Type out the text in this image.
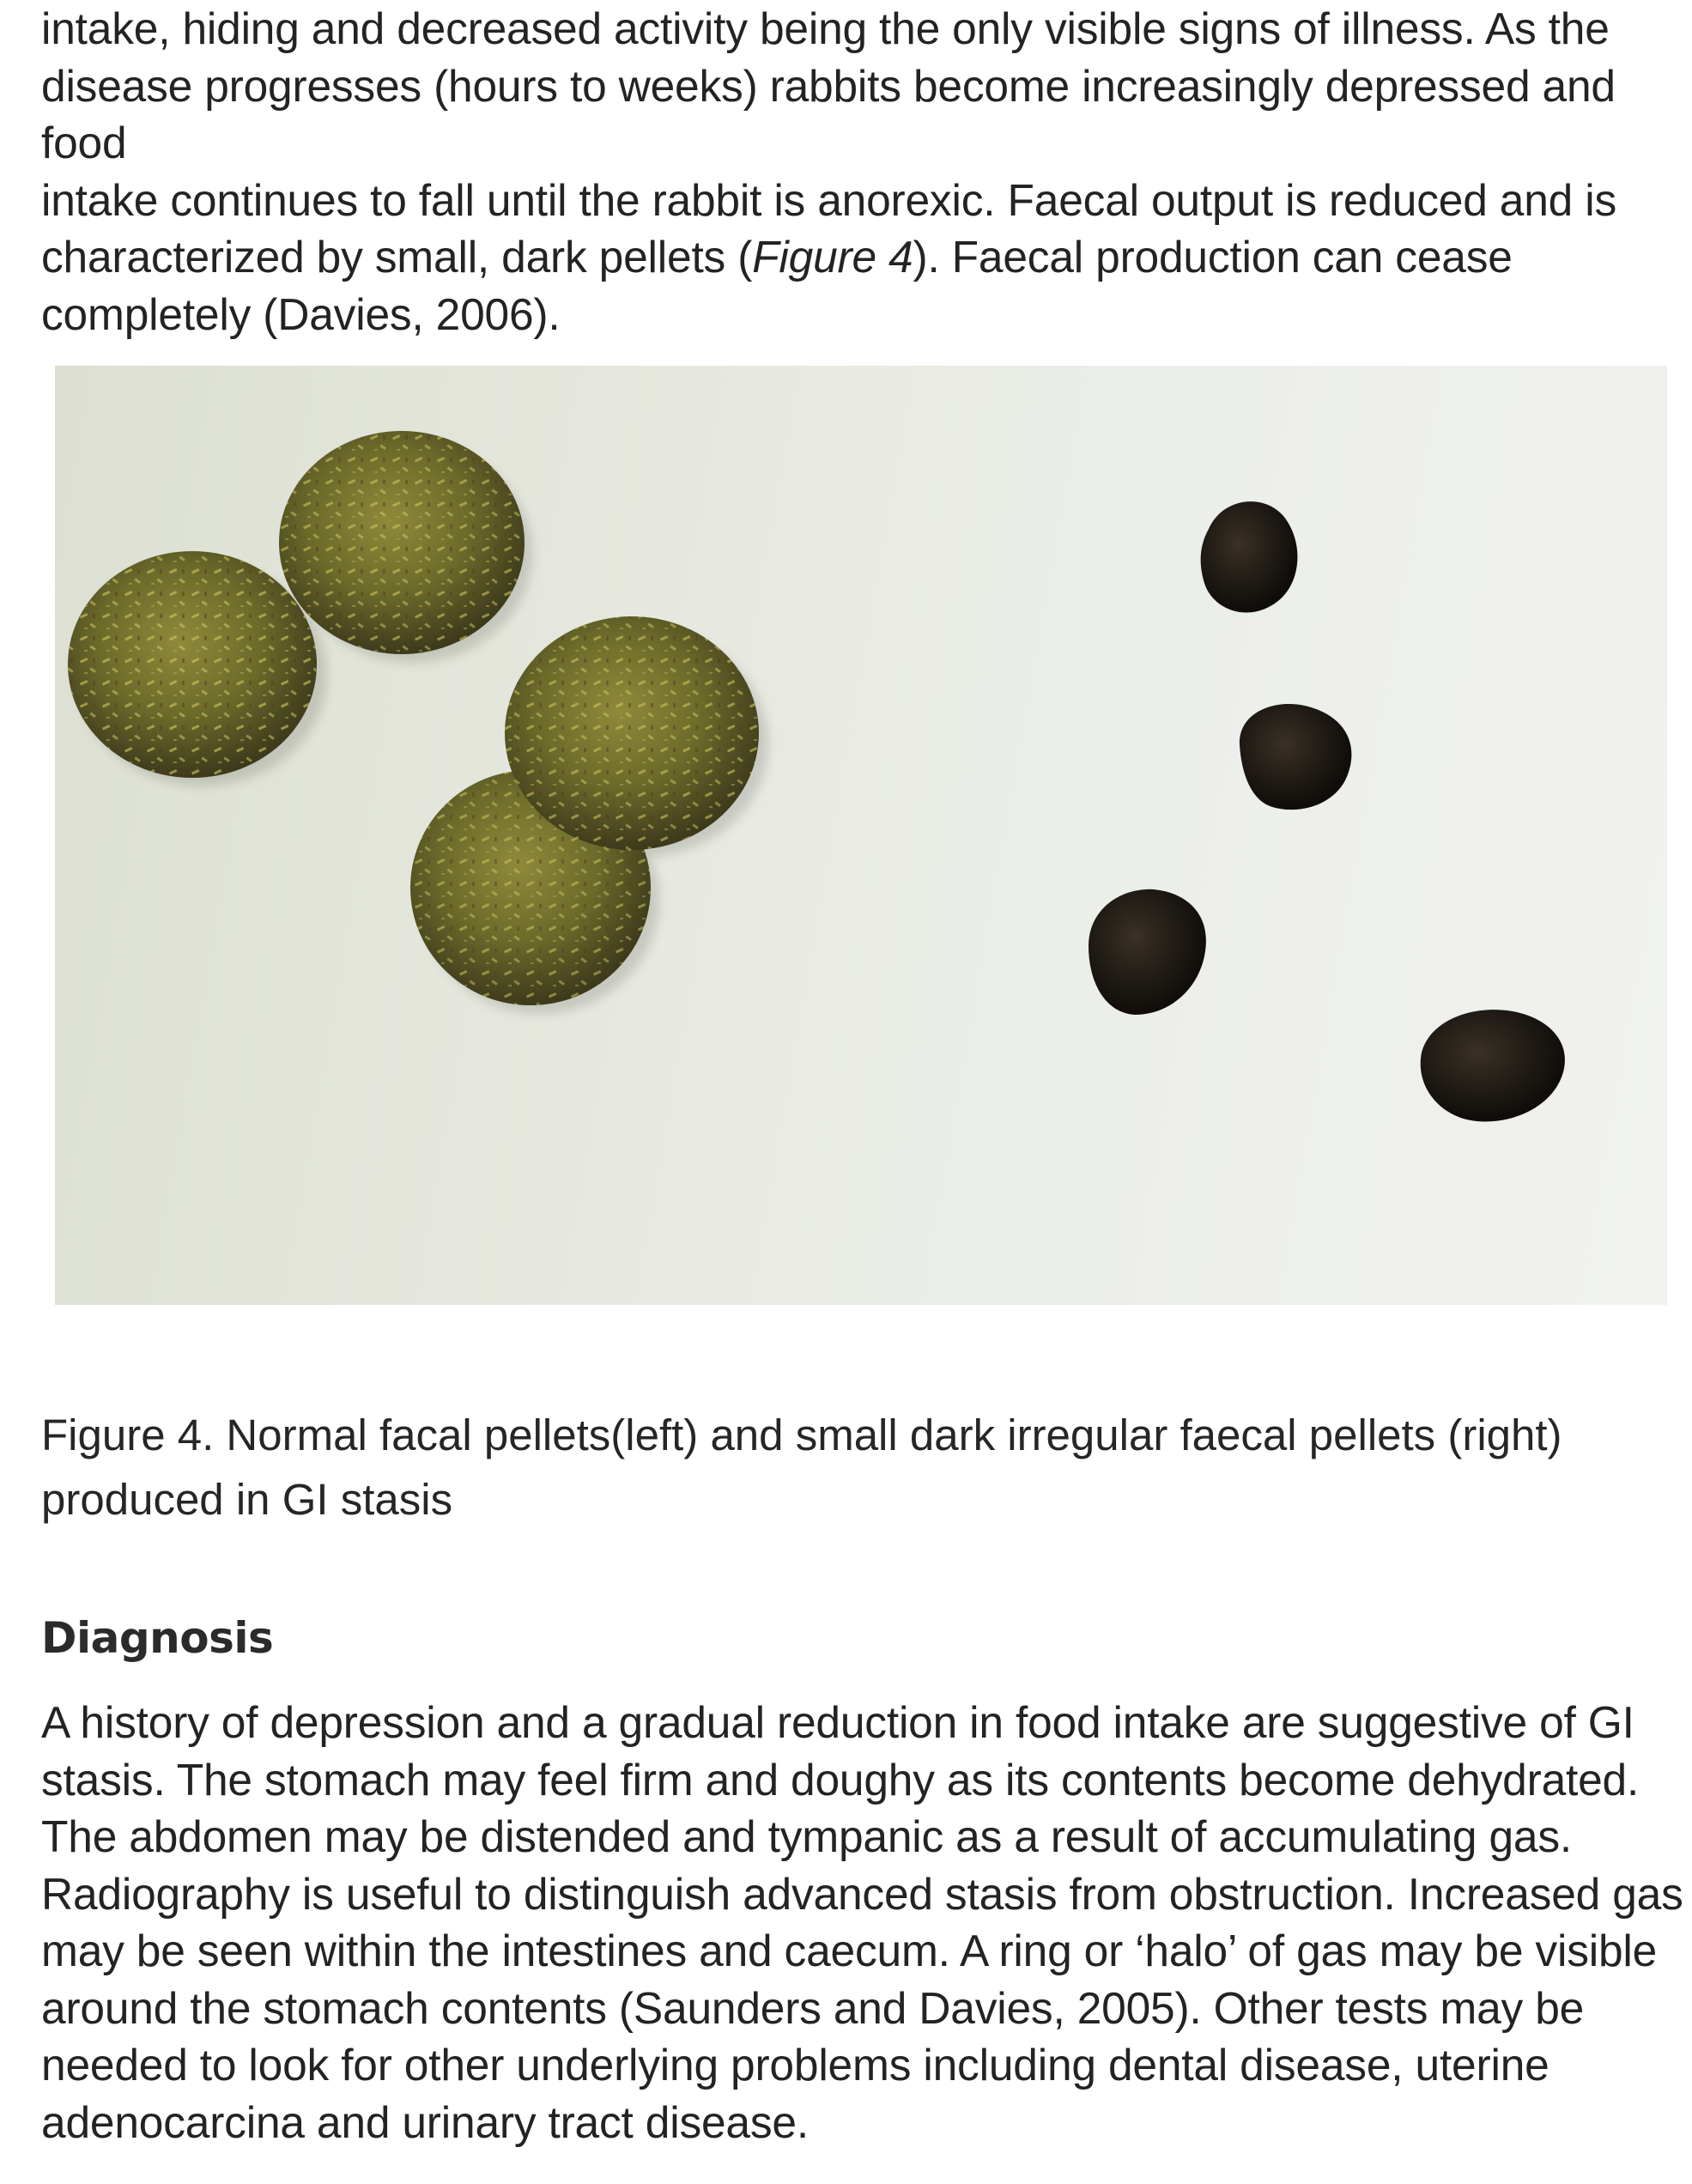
intake, hiding and decreased activity being the only visible signs of illness. As the
disease progresses (hours to weeks) rabbits become increasingly depressed and food
intake continues to fall until the rabbit is anorexic. Faecal output is reduced and is
characterized by small, dark pellets (Figure 4). Faecal production can cease
completely (Davies, 2006).

Figure 4. Normal facal pellets(left) and small dark irregular faecal pellets (right) produced in GI stasis

Diagnosis

A history of depression and a gradual reduction in food intake are suggestive of GI
stasis. The stomach may feel firm and doughy as its contents become dehydrated.
The abdomen may be distended and tympanic as a result of accumulating gas.
Radiography is useful to distinguish advanced stasis from obstruction. Increased gas
may be seen within the intestines and caecum. A ring or ‘halo’ of gas may be visible
around the stomach contents (Saunders and Davies, 2005). Other tests may be
needed to look for other underlying problems including dental disease, uterine
adenocarcina and urinary tract disease.
